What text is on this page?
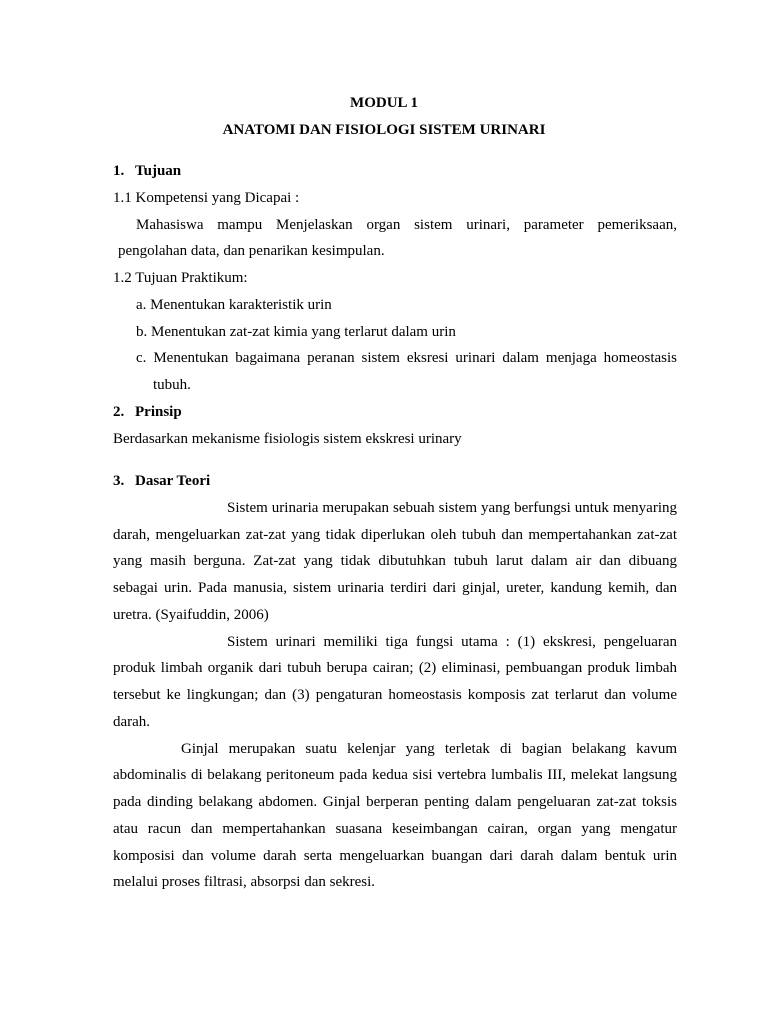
MODUL 1
ANATOMI DAN FISIOLOGI SISTEM URINARI
1. Tujuan
1.1 Kompetensi yang Dicapai :
Mahasiswa mampu Menjelaskan organ sistem urinari, parameter pemeriksaan,
pengolahan data, dan penarikan kesimpulan.
1.2 Tujuan Praktikum:
a. Menentukan karakteristik urin
b. Menentukan zat-zat kimia yang terlarut dalam urin
c. Menentukan bagaimana peranan sistem eksresi urinari dalam menjaga homeostasis
tubuh.
2. Prinsip
Berdasarkan mekanisme fisiologis sistem ekskresi urinary
3. Dasar Teori
Sistem urinaria merupakan sebuah sistem yang berfungsi untuk menyaring
darah, mengeluarkan zat-zat yang tidak diperlukan oleh tubuh dan mempertahankan zat-zat
yang masih berguna. Zat-zat yang tidak dibutuhkan tubuh larut dalam air dan dibuang
sebagai urin. Pada manusia, sistem urinaria terdiri dari ginjal, ureter, kandung kemih, dan
uretra. (Syaifuddin, 2006)
Sistem urinari memiliki tiga fungsi utama : (1) ekskresi, pengeluaran
produk limbah organik dari tubuh berupa cairan; (2) eliminasi, pembuangan produk limbah
tersebut ke lingkungan; dan (3) pengaturan homeostasis komposis zat terlarut dan volume
darah.
Ginjal merupakan suatu kelenjar yang terletak di bagian belakang kavum
abdominalis di belakang peritoneum pada kedua sisi vertebra lumbalis III, melekat langsung
pada dinding belakang abdomen. Ginjal berperan penting dalam pengeluaran zat-zat toksis
atau racun dan mempertahankan suasana keseimbangan cairan, organ yang mengatur
komposisi dan volume darah serta mengeluarkan buangan dari darah dalam bentuk urin
melalui proses filtrasi, absorpsi dan sekresi.
